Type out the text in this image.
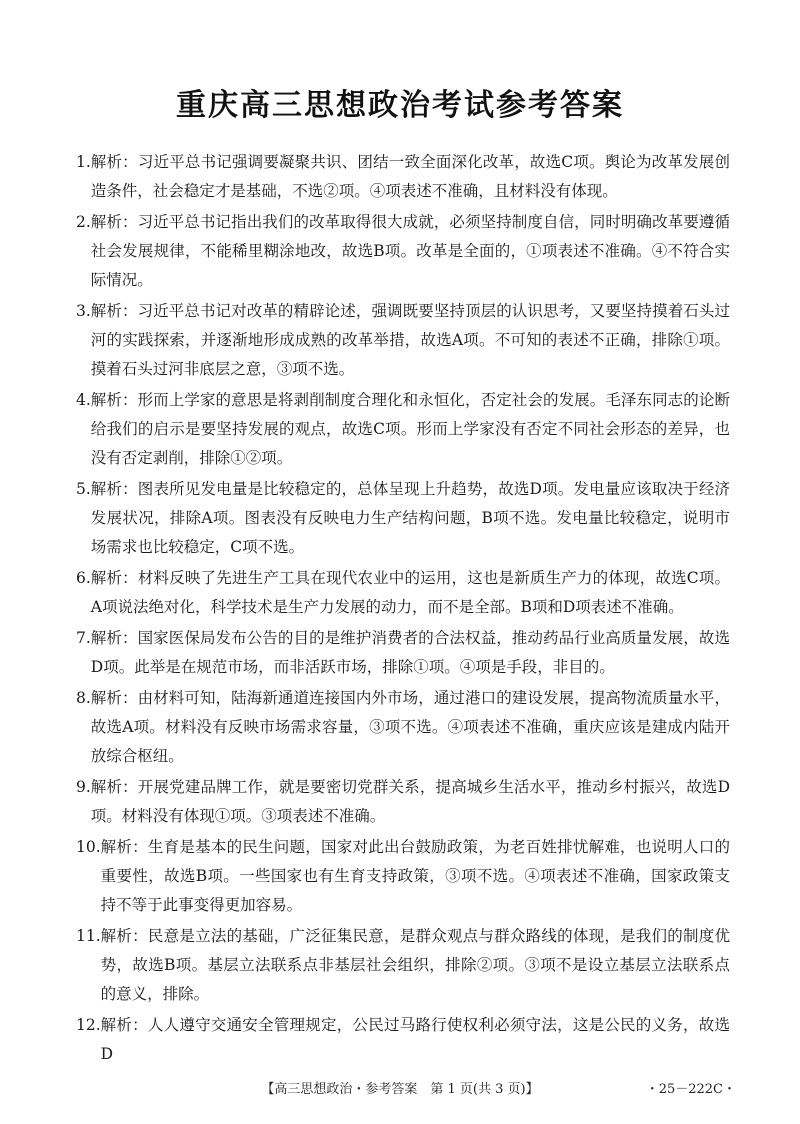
重庆高三思想政治考试参考答案
1. 解析：习近平总书记强调要凝聚共识、团结一致全面深化改革，故选C项。舆论为改革发展创造条件，社会稳定才是基础，不选②项。④项表述不准确，且材料没有体现。
2. 解析：习近平总书记指出我们的改革取得很大成就，必须坚持制度自信，同时明确改革要遵循社会发展规律，不能稀里糊涂地改，故选B项。改革是全面的，①项表述不准确。④不符合实际情况。
3. 解析：习近平总书记对改革的精辟论述，强调既要坚持顶层的认识思考，又要坚持摸着石头过河的实践探索，并逐渐地形成成熟的改革举措，故选A项。不可知的表述不正确，排除①项。摸着石头过河非底层之意，③项不选。
4. 解析：形而上学家的意思是将剥削制度合理化和永恒化，否定社会的发展。毛泽东同志的论断给我们的启示是要坚持发展的观点，故选C项。形而上学家没有否定不同社会形态的差异，也没有否定剥削，排除①②项。
5. 解析：图表所见发电量是比较稳定的，总体呈现上升趋势，故选D项。发电量应该取决于经济发展状况，排除A项。图表没有反映电力生产结构问题，B项不选。发电量比较稳定，说明市场需求也比较稳定，C项不选。
6. 解析：材料反映了先进生产工具在现代农业中的运用，这也是新质生产力的体现，故选C项。A项说法绝对化，科学技术是生产力发展的动力，而不是全部。B项和D项表述不准确。
7. 解析：国家医保局发布公告的目的是维护消费者的合法权益，推动药品行业高质量发展，故选D项。此举是在规范市场，而非活跃市场，排除①项。④项是手段，非目的。
8. 解析：由材料可知，陆海新通道连接国内外市场，通过港口的建设发展，提高物流质量水平，故选A项。材料没有反映市场需求容量，③项不选。④项表述不准确，重庆应该是建成内陆开放综合枢纽。
9. 解析：开展党建品牌工作，就是要密切党群关系，提高城乡生活水平，推动乡村振兴，故选D项。材料没有体现①项。③项表述不准确。
10. 解析：生育是基本的民生问题，国家对此出台鼓励政策，为老百姓排忧解难，也说明人口的重要性，故选B项。一些国家也有生育支持政策，③项不选。④项表述不准确，国家政策支持不等于此事变得更加容易。
11. 解析：民意是立法的基础，广泛征集民意，是群众观点与群众路线的体现，是我们的制度优势，故选B项。基层立法联系点非基层社会组织，排除②项。③项不是设立基层立法联系点的意义，排除。
12. 解析：人人遵守交通安全管理规定，公民过马路行使权利必须守法，这是公民的义务，故选D
【高三思想政治・参考答案　第 1 页(共 3 页)】	・25－222C・
